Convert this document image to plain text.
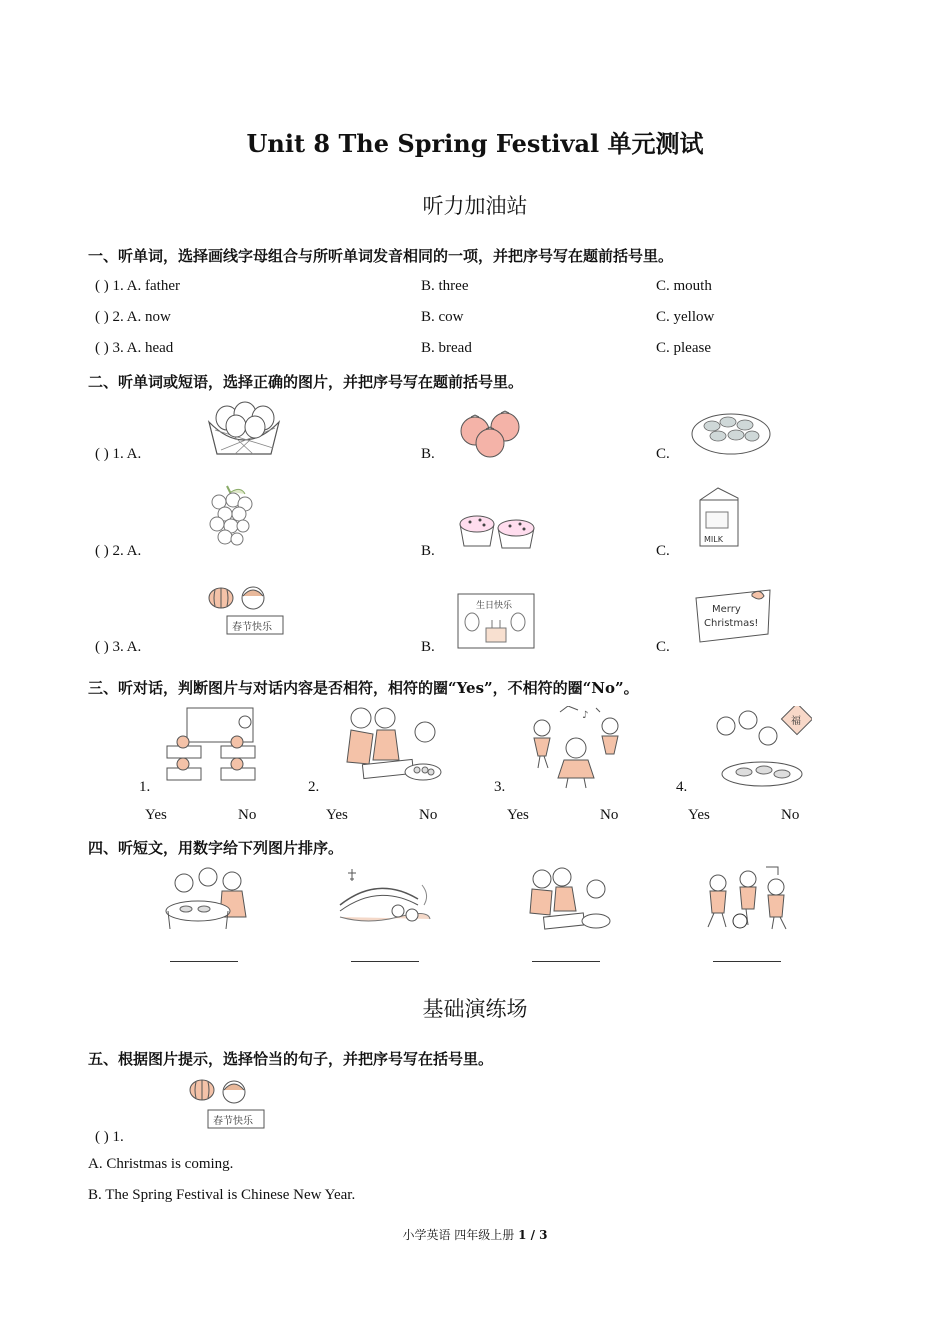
Unit 8 The Spring Festival 单元测试
听力加油站
一、听单词，选择画线字母组合与所听单词发音相同的一项，并把序号写在题前括号里。
( ) 1. A. father	B. three	C. mouth
( ) 2. A. now	B. cow	C. yellow
( ) 3. A. head	B. bread	C. please
二、听单词或短语，选择正确的图片，并把序号写在题前括号里。
( ) 1. A.	B.	C.
( ) 2. A.	B.	C.
( ) 3. A.	B.	C.
MILK
春节快乐
生日快乐	Merry
Christmas!
三、听对话，判断图片与对话内容是否相符，相符的圈“Yes”，不相符的圈“No”。
♪
福
1.	2.	3.	4.
Yes	No	Yes	No	Yes	No	Yes	No
四、听短文，用数字给下列图片排序。
基础演练场
五、根据图片提示，选择恰当的句子，并把序号写在括号里。
春节快乐
( ) 1.
A. Christmas is coming.
B. The Spring Festival is Chinese New Year.
小学英语 四年级上册 1 / 3
